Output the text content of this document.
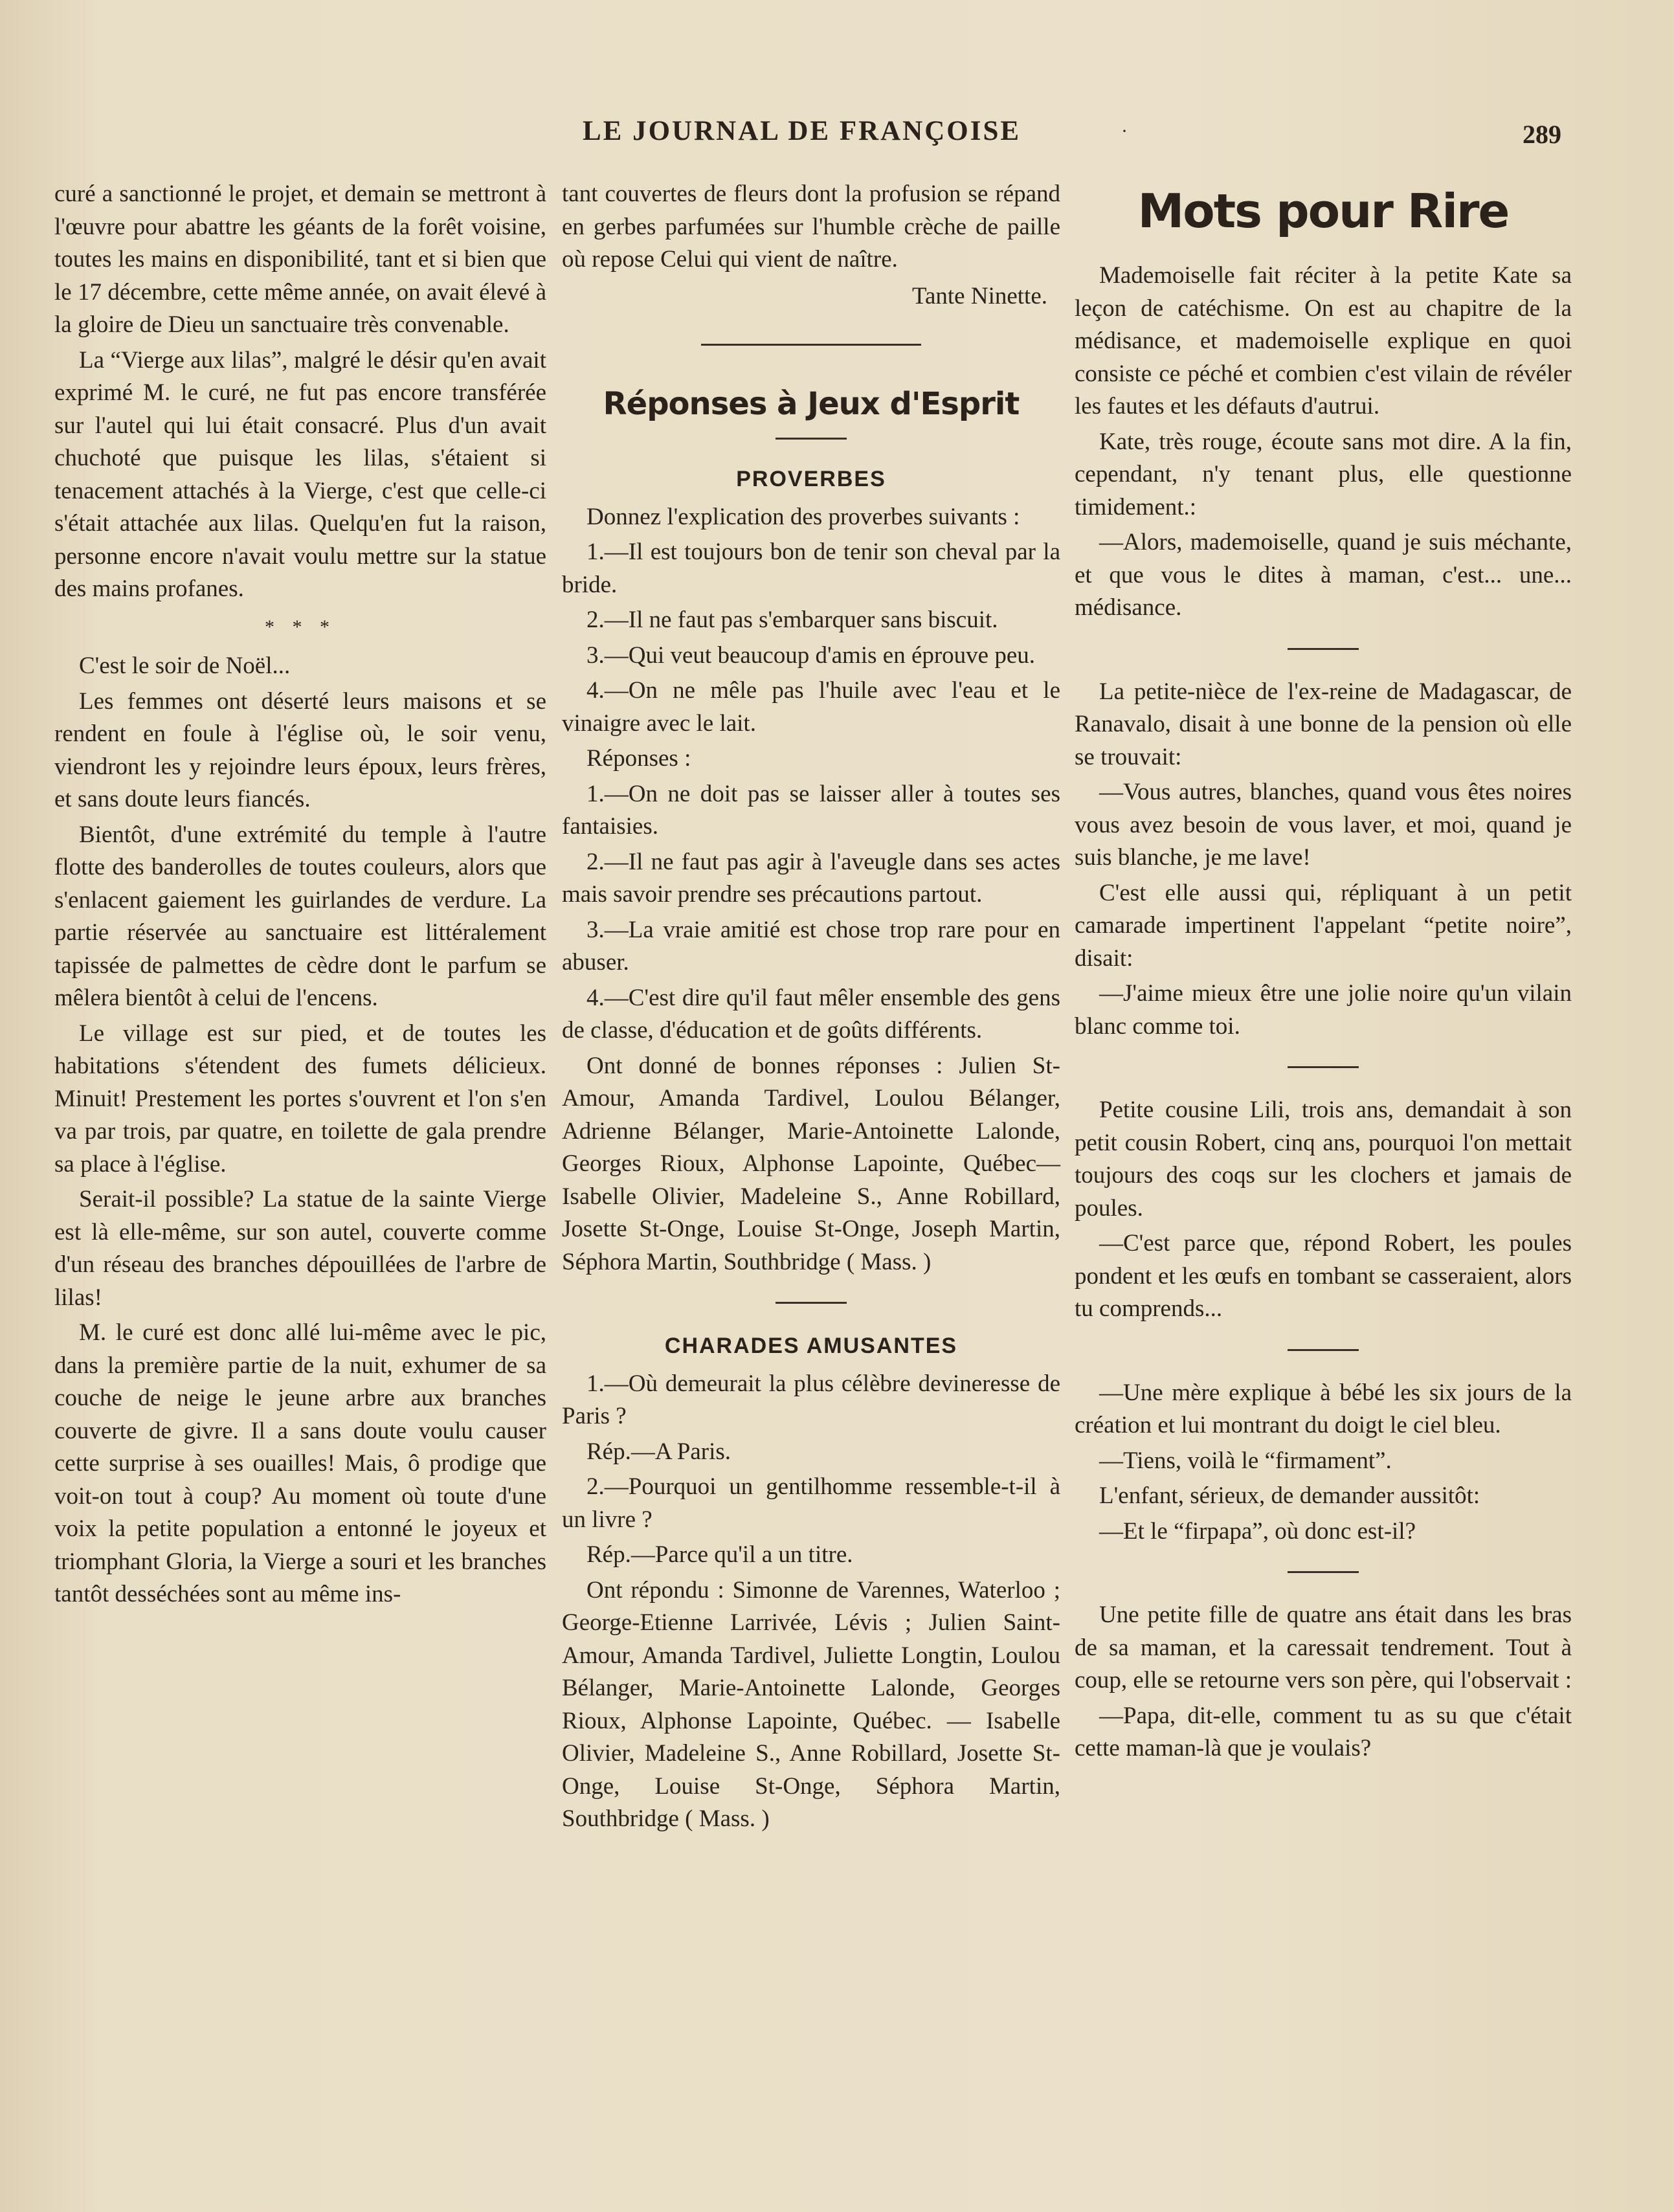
LE JOURNAL DE FRANÇOISE	·	289

curé a sanctionné le projet, et demain se mettront à l'œuvre pour abattre les géants de la forêt voisine, toutes les mains en disponibilité, tant et si bien que le 17 décembre, cette même année, on avait élevé à la gloire de Dieu un sanctuaire très convenable.

La “Vierge aux lilas”, malgré le désir qu'en avait exprimé M. le curé, ne fut pas encore transférée sur l'autel qui lui était consacré. Plus d'un avait chuchoté que puisque les lilas, s'étaient si tenacement attachés à la Vierge, c'est que celle-ci s'était attachée aux lilas. Quelqu'en fut la raison, personne encore n'avait voulu mettre sur la statue des mains profanes.

* * *

C'est le soir de Noël...

Les femmes ont déserté leurs maisons et se rendent en foule à l'église où, le soir venu, viendront les y rejoindre leurs époux, leurs frères, et sans doute leurs fiancés.

Bientôt, d'une extrémité du temple à l'autre flotte des banderolles de toutes couleurs, alors que s'enlacent gaiement les guirlandes de verdure. La partie réservée au sanctuaire est littéralement tapissée de palmettes de cèdre dont le parfum se mêlera bientôt à celui de l'encens.

Le village est sur pied, et de toutes les habitations s'étendent des fumets délicieux. Minuit! Prestement les portes s'ouvrent et l'on s'en va par trois, par quatre, en toilette de gala prendre sa place à l'église.

Serait-il possible? La statue de la sainte Vierge est là elle-même, sur son autel, couverte comme d'un réseau des branches dépouillées de l'arbre de lilas!

M. le curé est donc allé lui-même avec le pic, dans la première partie de la nuit, exhumer de sa couche de neige le jeune arbre aux branches couverte de givre. Il a sans doute voulu causer cette surprise à ses ouailles! Mais, ô prodige que voit-on tout à coup? Au moment où toute d'une voix la petite population a entonné le joyeux et triomphant Gloria, la Vierge a souri et les branches tantôt desséchées sont au même ins-

tant couvertes de fleurs dont la profusion se répand en gerbes parfumées sur l'humble crèche de paille où repose Celui qui vient de naître.

Tante Ninette.
Réponses à Jeux d'Esprit
PROVERBES

Donnez l'explication des proverbes suivants :

1.—Il est toujours bon de tenir son cheval par la bride.

2.—Il ne faut pas s'embarquer sans biscuit.

3.—Qui veut beaucoup d'amis en éprouve peu.

4.—On ne mêle pas l'huile avec l'eau et le vinaigre avec le lait.

Réponses :

1.—On ne doit pas se laisser aller à toutes ses fantaisies.

2.—Il ne faut pas agir à l'aveugle dans ses actes mais savoir prendre ses précautions partout.

3.—La vraie amitié est chose trop rare pour en abuser.

4.—C'est dire qu'il faut mêler ensemble des gens de classe, d'éducation et de goûts différents.

Ont donné de bonnes réponses : Julien St-Amour, Amanda Tardivel, Loulou Bélanger, Adrienne Bélanger, Marie-Antoinette Lalonde, Georges Rioux, Alphonse Lapointe, Québec— Isabelle Olivier, Madeleine S., Anne Robillard, Josette St-Onge, Louise St-Onge, Joseph Martin, Séphora Martin, Southbridge ( Mass. )

CHARADES AMUSANTES

1.—Où demeurait la plus célèbre devineresse de Paris ?

Rép.—A Paris.

2.—Pourquoi un gentilhomme ressemble-t-il à un livre ?

Rép.—Parce qu'il a un titre.

Ont répondu : Simonne de Varennes, Waterloo ; George-Etienne Larrivée, Lévis ; Julien Saint-Amour, Amanda Tardivel, Juliette Longtin, Loulou Bélanger, Marie-Antoinette Lalonde, Georges Rioux, Alphonse Lapointe, Québec. — Isabelle Olivier, Madeleine S., Anne Robillard, Josette St-Onge, Louise St-Onge, Séphora Martin, Southbridge ( Mass. )

Mots pour Rire

Mademoiselle fait réciter à la petite Kate sa leçon de catéchisme. On est au chapitre de la médisance, et mademoiselle explique en quoi consiste ce péché et combien c'est vilain de révéler les fautes et les défauts d'autrui.

Kate, très rouge, écoute sans mot dire. A la fin, cependant, n'y tenant plus, elle questionne timidement.:

—Alors, mademoiselle, quand je suis méchante, et que vous le dites à maman, c'est... une... médisance.

La petite-nièce de l'ex-reine de Madagascar, de Ranavalo, disait à une bonne de la pension où elle se trouvait:

—Vous autres, blanches, quand vous êtes noires vous avez besoin de vous laver, et moi, quand je suis blanche, je me lave!

C'est elle aussi qui, répliquant à un petit camarade impertinent l'appelant “petite noire”, disait:

—J'aime mieux être une jolie noire qu'un vilain blanc comme toi.

Petite cousine Lili, trois ans, demandait à son petit cousin Robert, cinq ans, pourquoi l'on mettait toujours des coqs sur les clochers et jamais de poules.

—C'est parce que, répond Robert, les poules pondent et les œufs en tombant se casseraient, alors tu comprends...

—Une mère explique à bébé les six jours de la création et lui montrant du doigt le ciel bleu.

—Tiens, voilà le “firmament”.

L'enfant, sérieux, de demander aussitôt:

—Et le “firpapa”, où donc est-il?

Une petite fille de quatre ans était dans les bras de sa maman, et la caressait tendrement. Tout à coup, elle se retourne vers son père, qui l'observait :

—Papa, dit-elle, comment tu as su que c'était cette maman-là que je voulais?
